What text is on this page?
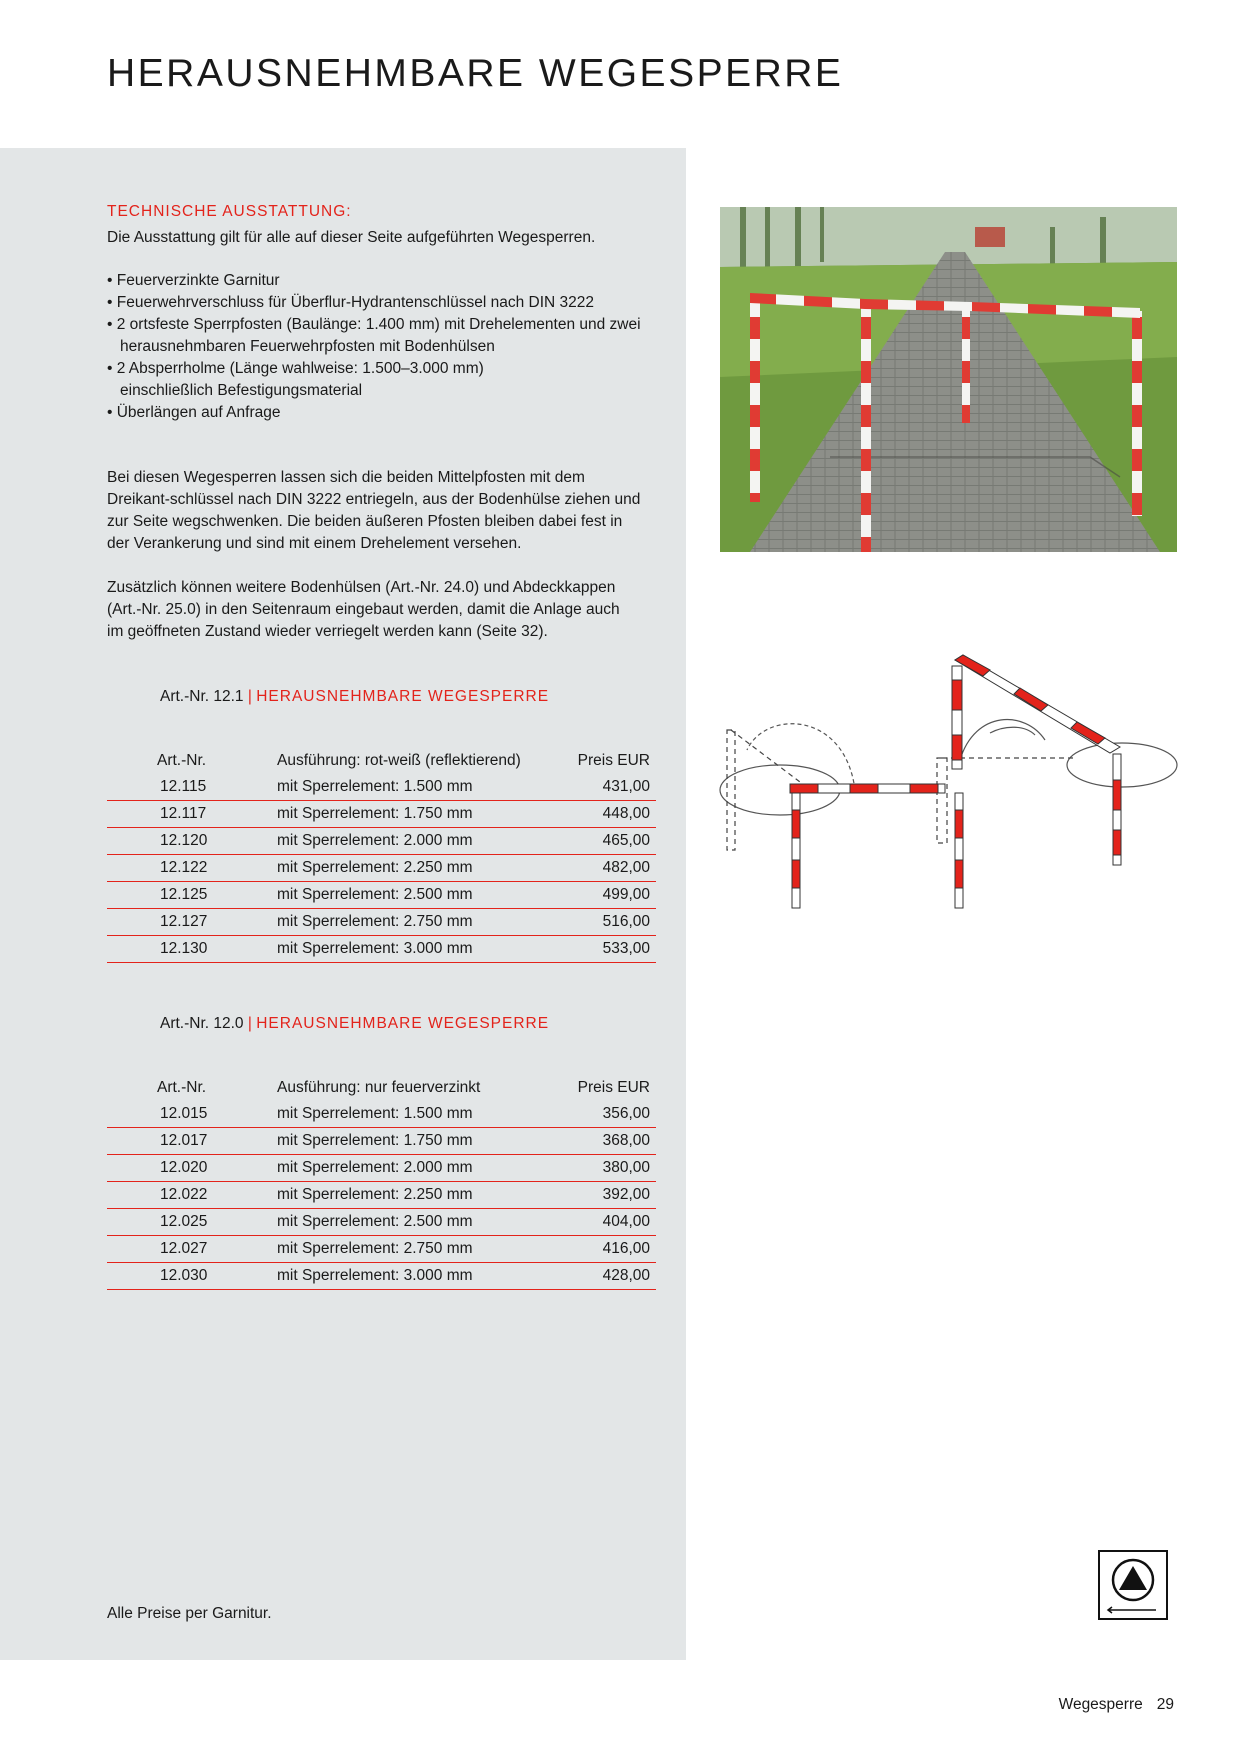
HERAUSNEHMBARE WEGESPERRE
TECHNISCHE AUSSTATTUNG:

Die Ausstattung gilt für alle auf dieser Seite aufgeführten Wegesperren.

• Feuerverzinkte Garnitur
• Feuerwehrverschluss für Überflur-Hydrantenschlüssel nach DIN 3222
• 2 ortsfeste Sperrpfosten (Baulänge: 1.400 mm) mit Drehelementen und zwei herausnehmbaren Feuerwehrpfosten mit Bodenhülsen
• 2 Absperrholme (Länge wahlweise: 1.500–3.000 mm) einschließlich Befestigungsmaterial
• Überlängen auf Anfrage

Bei diesen Wegesperren lassen sich die beiden Mittelpfosten mit dem Dreikant-schlüssel nach DIN 3222 entriegeln, aus der Bodenhülse ziehen und zur Seite wegschwenken. Die beiden äußeren Pfosten bleiben dabei fest in der Verankerung und sind mit einem Drehelement versehen.

Zusätzlich können weitere Bodenhülsen (Art.-Nr. 24.0) und Abdeckkappen (Art.-Nr. 25.0) in den Seitenraum eingebaut werden, damit die Anlage auch im geöffneten Zustand wieder verriegelt werden kann (Seite 32).

Art.-Nr. 12.1 | HERAUSNEHMBARE WEGESPERRE
Art.-Nr.	Ausführung: rot-weiß (reflektierend)	Preis EUR
12.115	mit Sperrelement: 1.500 mm	431,00
12.117	mit Sperrelement: 1.750 mm	448,00
12.120	mit Sperrelement: 2.000 mm	465,00
12.122	mit Sperrelement: 2.250 mm	482,00
12.125	mit Sperrelement: 2.500 mm	499,00
12.127	mit Sperrelement: 2.750 mm	516,00
12.130	mit Sperrelement: 3.000 mm	533,00
Art.-Nr. 12.0 | HERAUSNEHMBARE WEGESPERRE
Art.-Nr.	Ausführung: nur feuerverzinkt	Preis EUR
12.015	mit Sperrelement: 1.500 mm	356,00
12.017	mit Sperrelement: 1.750 mm	368,00
12.020	mit Sperrelement: 2.000 mm	380,00
12.022	mit Sperrelement: 2.250 mm	392,00
12.025	mit Sperrelement: 2.500 mm	404,00
12.027	mit Sperrelement: 2.750 mm	416,00
12.030	mit Sperrelement: 3.000 mm	428,00
Alle Preise per Garnitur.
Wegesperre 29
